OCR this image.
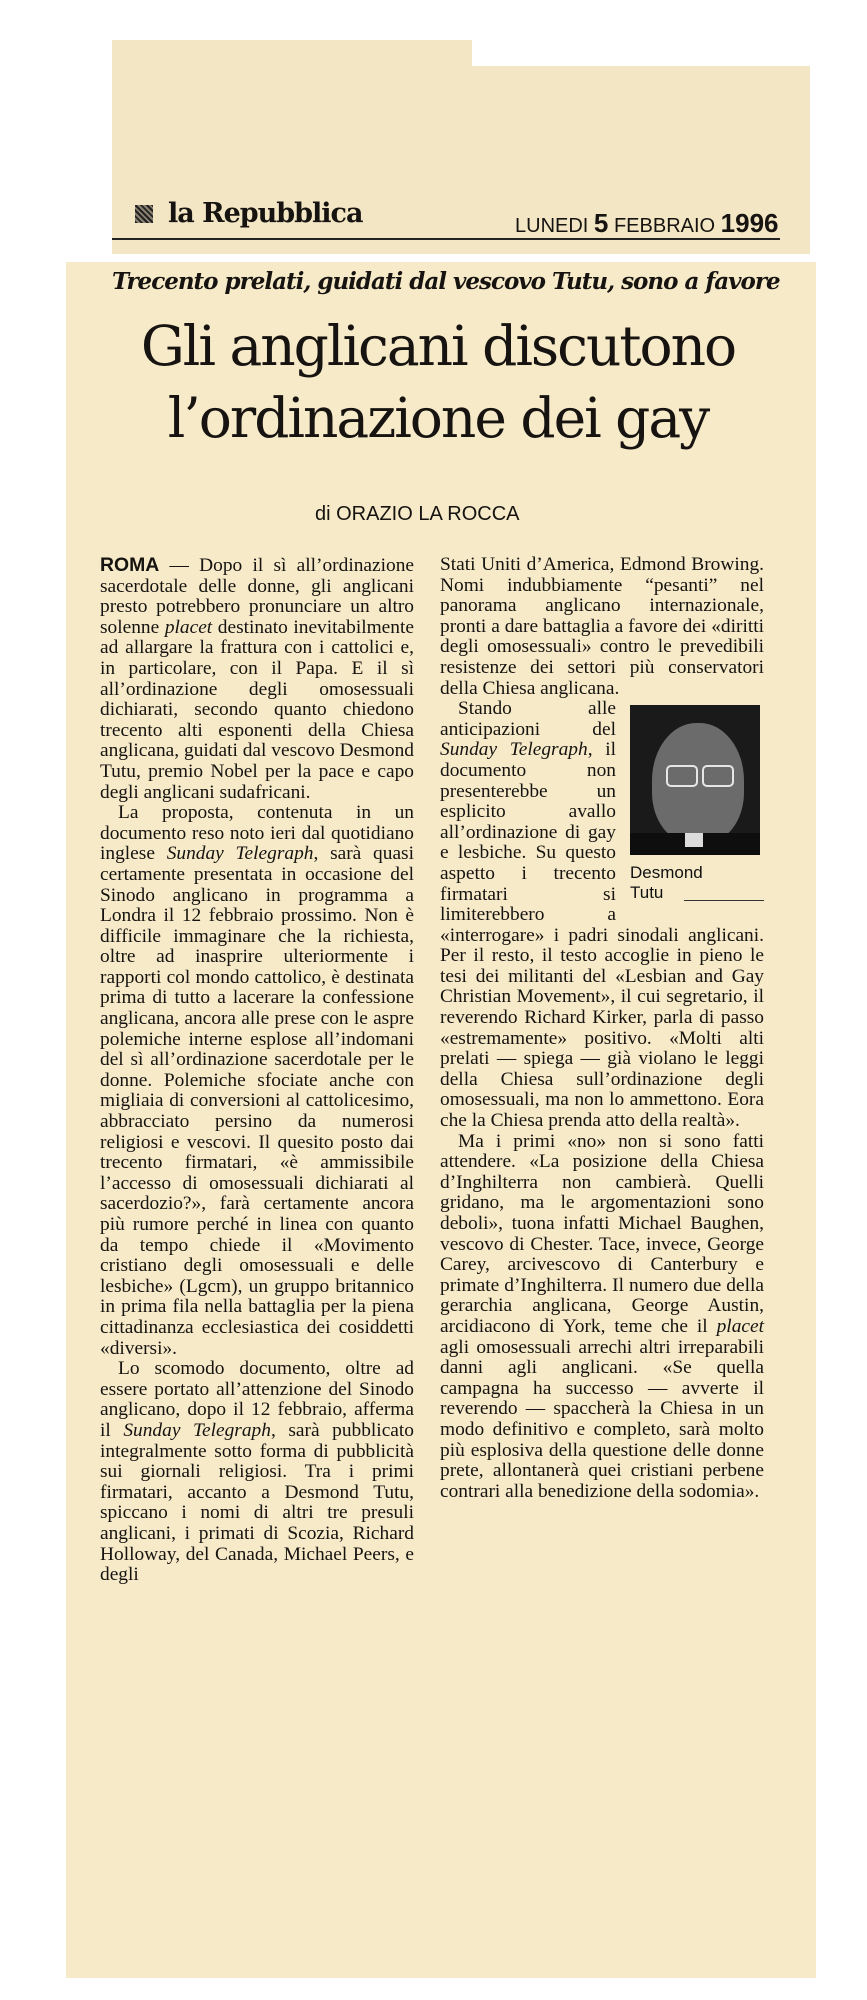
la Repubblica	LUNEDI 5 FEBBRAIO 1996
Trecento prelati, guidati dal vescovo Tutu, sono a favore
Gli anglicani discutono
l’ordinazione dei gay
di ORAZIO LA ROCCA

ROMA — Dopo il sì all’ordinazione sacerdotale delle donne, gli anglicani presto potrebbero pronunciare un altro solenne placet destinato inevitabilmente ad allargare la frattura con i cattolici e, in particolare, con il Papa. E il sì all’ordinazione degli omosessuali dichiarati, secondo quanto chiedono trecento alti esponenti della Chiesa anglicana, guidati dal vescovo Desmond Tutu, premio Nobel per la pace e capo degli anglicani sudafricani.

La proposta, contenuta in un documento reso noto ieri dal quotidiano inglese Sunday Telegraph, sarà quasi certamente presentata in occasione del Sinodo anglicano in programma a Londra il 12 febbraio prossimo. Non è difficile immaginare che la richiesta, oltre ad inasprire ulteriormente i rapporti col mondo cattolico, è destinata prima di tutto a lacerare la confessione anglicana, ancora alle prese con le aspre polemiche interne esplose all’indomani del sì all’ordinazione sacerdotale per le donne. Polemiche sfociate anche con migliaia di conversioni al cattolicesimo, abbracciato persino da numerosi religiosi e vescovi. Il quesito posto dai trecento firmatari, «è ammissibile l’accesso di omosessuali dichiarati al sacerdozio?», farà certamente ancora più rumore perché in linea con quanto da tempo chiede il «Movimento cristiano degli omosessuali e delle lesbiche» (Lgcm), un gruppo britannico in prima fila nella battaglia per la piena cittadinanza ecclesiastica dei cosiddetti «diversi».

Lo scomodo documento, oltre ad essere portato all’attenzione del Sinodo anglicano, dopo il 12 febbraio, afferma il Sunday Telegraph, sarà pubblicato integralmente sotto forma di pubblicità sui giornali religiosi. Tra i primi firmatari, accanto a Desmond Tutu, spiccano i nomi di altri tre presuli anglicani, i primati di Scozia, Richard Holloway, del Canada, Michael Peers, e degli

Stati Uniti d’America, Edmond Browing. Nomi indubbiamente “pesanti” nel panorama anglicano internazionale, pronti a dare battaglia a favore dei «diritti degli omosessuali» contro le prevedibili resistenze dei settori più conservatori della Chiesa anglicana.

Desmond
Tutu

Stando alle anticipazioni del Sunday Telegraph, il documento non presenterebbe un esplicito avallo all’ordinazione di gay e lesbiche. Su questo aspetto i trecento firmatari si limiterebbero a «interrogare» i padri sinodali anglicani. Per il resto, il testo accoglie in pieno le tesi dei militanti del «Lesbian and Gay Christian Movement», il cui segretario, il reverendo Richard Kirker, parla di passo «estremamente» positivo. «Molti alti prelati — spiega — già violano le leggi della Chiesa sull’ordinazione degli omosessuali, ma non lo ammettono. Eora che la Chiesa prenda atto della realtà».

Ma i primi «no» non si sono fatti attendere. «La posizione della Chiesa d’Inghilterra non cambierà. Quelli gridano, ma le argomentazioni sono deboli», tuona infatti Michael Baughen, vescovo di Chester. Tace, invece, George Carey, arcivescovo di Canterbury e primate d’Inghilterra. Il numero due della gerarchia anglicana, George Austin, arcidiacono di York, teme che il placet agli omosessuali arrechi altri irreparabili danni agli anglicani. «Se quella campagna ha successo — avverte il reverendo — spaccherà la Chiesa in un modo definitivo e completo, sarà molto più esplosiva della questione delle donne prete, allontanerà quei cristiani perbene contrari alla benedizione della sodomia».
